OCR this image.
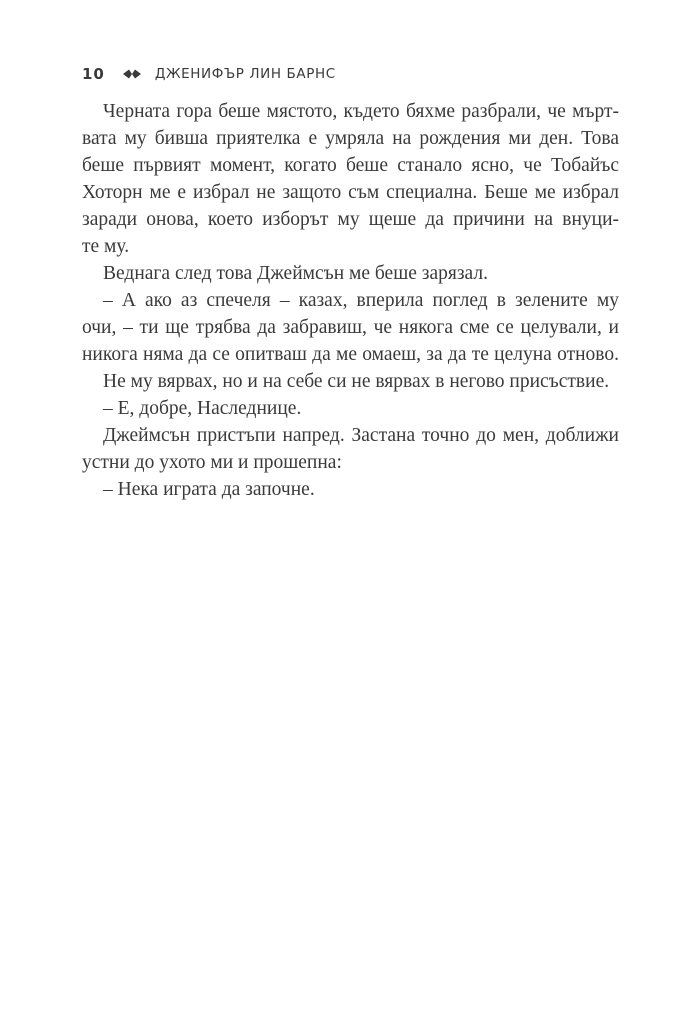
10	ДЖЕНИФЪР ЛИН БАРНС
Черната гора беше мястото, където бяхме разбрали, че мърт-
вата му бивша приятелка е умряла на рождения ми ден. Това
беше първият момент, когато беше станало ясно, че Тобайъс
Хоторн ме е избрал не защото съм специална. Беше ме избрал
заради онова, което изборът му щеше да причини на внуци-
те му.
Веднага след това Джеймсън ме беше зарязал.
– А ако аз спечеля – казах, вперила поглед в зелените му
очи, – ти ще трябва да забравиш, че някога сме се целували, и
никога няма да се опитваш да ме омаеш, за да те целуна отново.
Не му вярвах, но и на себе си не вярвах в негово присъствие.
– Е, добре, Наследнице.
Джеймсън пристъпи напред. Застана точно до мен, доближи
устни до ухото ми и прошепна:
– Нека играта да започне.
